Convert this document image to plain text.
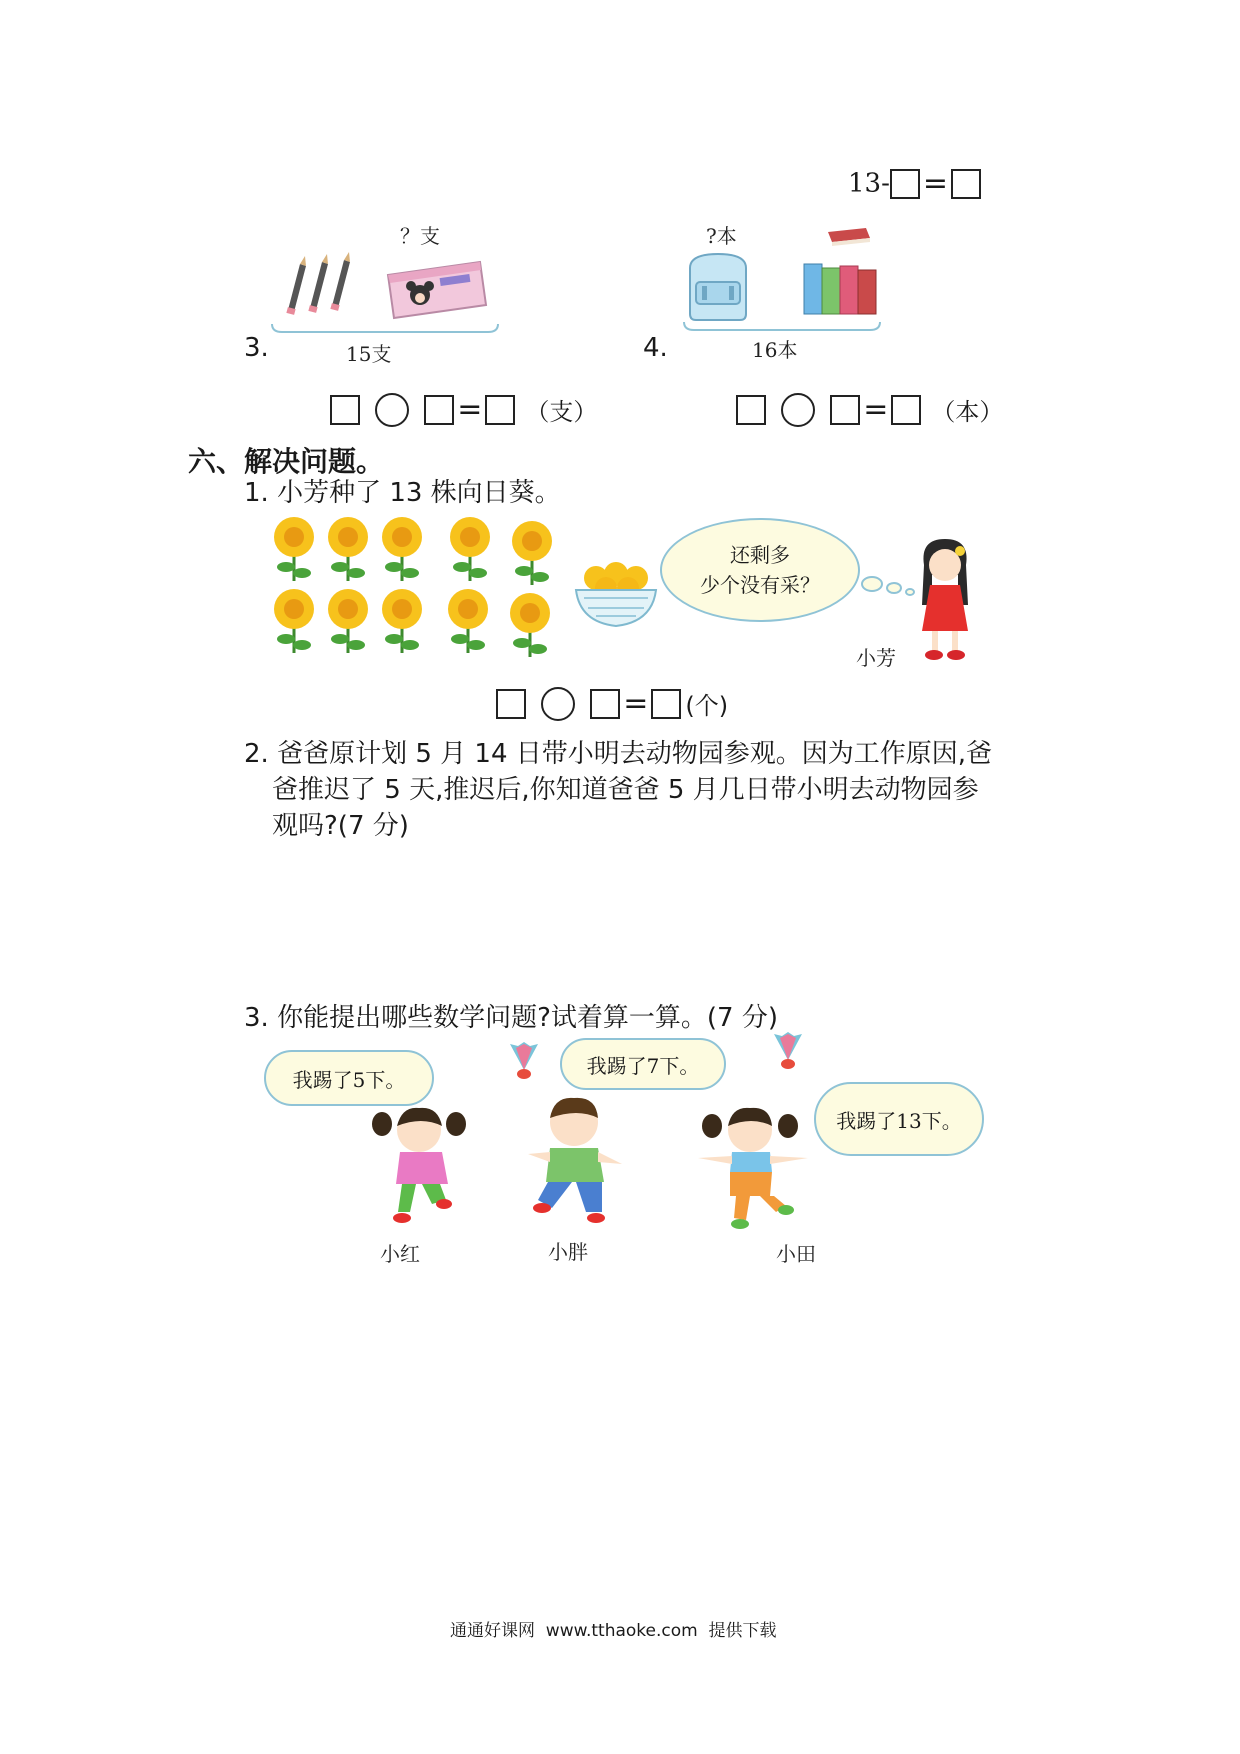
13- =
？支
15支
3.
?本
16本
4.
= （支）	= （本）
六、解决问题。
1. 小芳种了 13 株向日葵。
还剩多
少个没有采？
小芳
= (个)
2. 爸爸原计划 5 月 14 日带小明去动物园参观。因为工作原因,爸
爸推迟了 5 天,推迟后,你知道爸爸 5 月几日带小明去动物园参
观吗?(7 分)
3. 你能提出哪些数学问题?试着算一算。(7 分)
我踢了5下。
我踢了7下。
我踢了13下。
小红	小胖	小田
通通好课网  www.tthaoke.com  提供下载
